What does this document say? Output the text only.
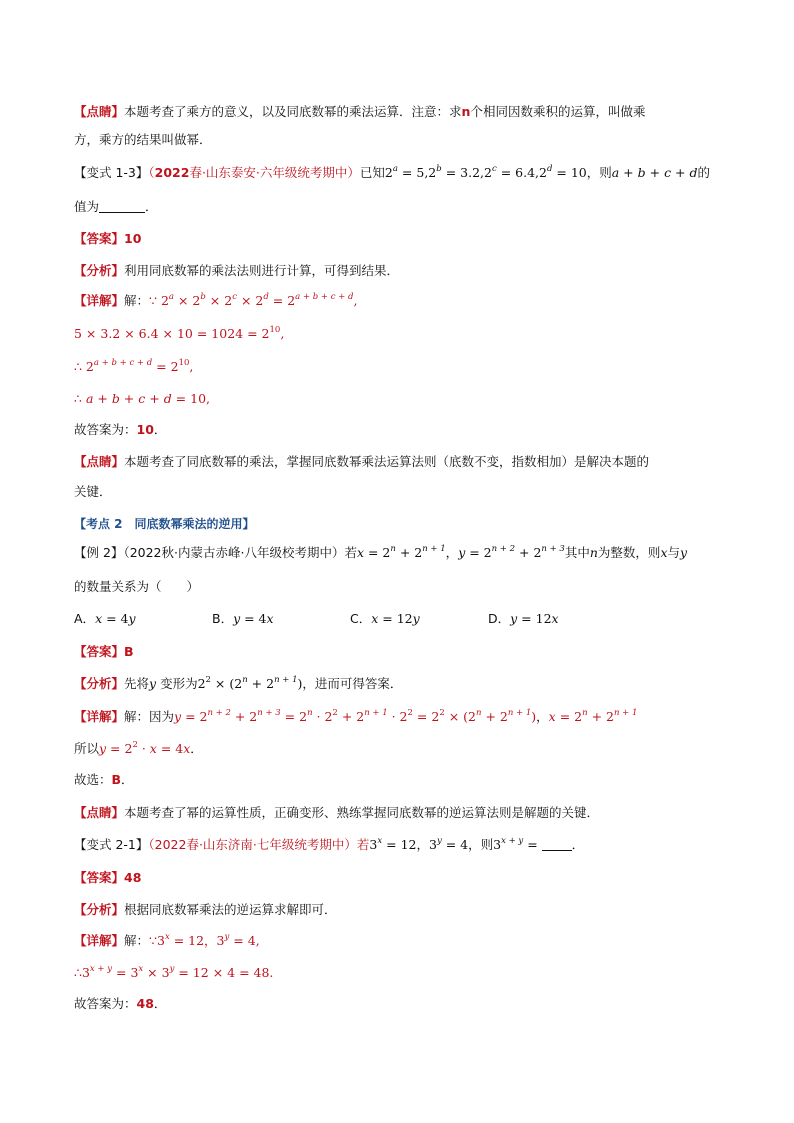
【点睛】本题考查了乘方的意义，以及同底数幂的乘法运算．注意：求n个相同因数乘积的运算，叫做乘
方，乘方的结果叫做幂．
【变式 1-3】（2022春·山东泰安·六年级统考期中）已知$2^a = 5,2^b = 3.2,2^c = 6.4,2^d = 10$，则a + b + c + d的
值为	．
【答案】10
【分析】利用同底数幂的乘法法则进行计算，可得到结果．
【详解】解：∵ $2^a \times 2^b \times 2^c \times 2^d = 2^{a + b + c + d}$,
$5 \times 3.2 \times 6.4 \times 10 = 1024 = 2^{10}$,
∴ $2^{a + b + c + d} = 2^{10}$,
∴ a + b + c + d = 10,
故答案为：10．
【点睛】本题考查了同底数幂的乘法，掌握同底数幂乘法运算法则（底数不变，指数相加）是解决本题的
关键．
【考点 2　同底数幂乘法的逆用】
【例 2】（2022秋·内蒙古赤峰·八年级校考期中）若$x = 2^n + 2^{n + 1}$，$y = 2^{n + 2} + 2^{n + 3}$其中n为整数，则x与y
的数量关系为（　　）
A．x = 4y	B．y = 4x	C．x = 12y	D．y = 12x
【答案】B
【分析】先将y 变形为$2^2 \times (2^n + 2^{n + 1})$，进而可得答案．
【详解】解：因为$y = 2^{n + 2} + 2^{n + 3} = 2^n \cdot 2^2 + 2^{n + 1} \cdot 2^2 = 2^2 \times (2^n + 2^{n + 1})$，$x = 2^n + 2^{n + 1}$
所以$y = 2^2 \cdot x = 4x$．
故选：B．
【点睛】本题考查了幂的运算性质，正确变形、熟练掌握同底数幂的逆运算法则是解题的关键．
【变式 2-1】（2022春·山东济南·七年级统考期中）若$3^x = 12$，$3^y = 4$，则$3^{x + y}$ = ．
【答案】48
【分析】根据同底数幂乘法的逆运算求解即可．
【详解】解：$\because 3^x = 12$，$3^y = 4$,
$\therefore 3^{x + y} = 3^x \times 3^y = 12 \times 4 = 48$.
故答案为：48．
